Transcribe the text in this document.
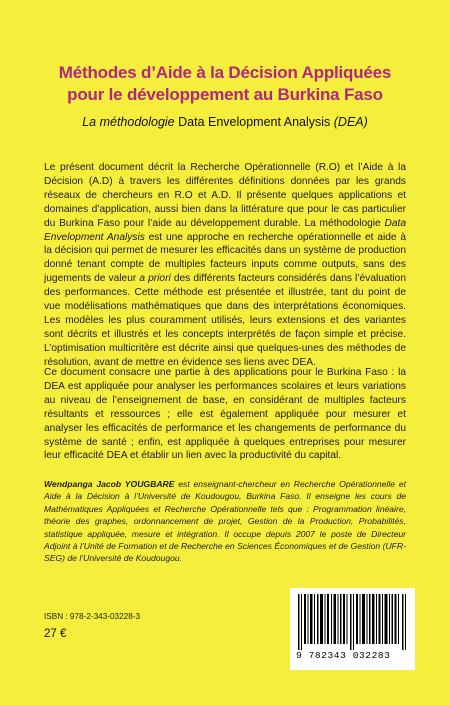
Méthodes d’Aide à la Décision Appliquées
pour le développement au Burkina Faso
La méthodologie Data Envelopment Analysis (DEA)
Le présent document décrit la Recherche Opérationnelle (R.O) et l’Aide à la Décision (A.D) à travers les différentes définitions données par les grands réseaux de chercheurs en R.O et A.D. Il présente quelques applications et domaines d’application, aussi bien dans la littérature que pour le cas particulier du Burkina Faso pour l’aide au développement durable. La méthodologie Data Envelopment Analysis est une approche en recherche opérationnelle et aide à la décision qui permet de mesurer les efficacités dans un système de production donné tenant compte de multiples facteurs inputs comme outputs, sans des jugements de valeur a priori des différents facteurs considérés dans l’évaluation des performances. Cette méthode est présentée et illustrée, tant du point de vue modélisations mathématiques que dans des interprétations économiques. Les modèles les plus couramment utilisés, leurs extensions et des variantes sont décrits et illustrés et les concepts interprétés de façon simple et précise. L’optimisation multicritère est décrite ainsi que quelques-unes des méthodes de résolution, avant de mettre en évidence ses liens avec DEA.
Ce document consacre une partie à des applications pour le Burkina Faso : la DEA est appliquée pour analyser les performances scolaires et leurs variations au niveau de l’enseignement de base, en considérant de multiples facteurs résultants et ressources ; elle est également appliquée pour mesurer et analyser les efficacités de performance et les changements de performance du système de santé ; enfin, est appliquée à quelques entreprises pour mesurer leur efficacité DEA et établir un lien avec la productivité du capital.
Wendpanga Jacob YOUGBARE est enseignant-chercheur en Recherche Opérationnelle et Aide à la Décision à l’Université de Koudougou, Burkina Faso. Il enseigne les cours de Mathématiques Appliquées et Recherche Opérationnelle tels que : Programmation linéaire, théorie des graphes, ordonnancement de projet, Gestion de la Production, Probabilités, statistique appliquée, mesure et intégration. Il occupe depuis 2007 le poste de Directeur Adjoint à l’Unité de Formation et de Recherche en Sciences Économiques et de Gestion (UFR-SEG) de l’Université de Koudougou.
ISBN : 978-2-343-03228-3
27 €
9 782343 032283
